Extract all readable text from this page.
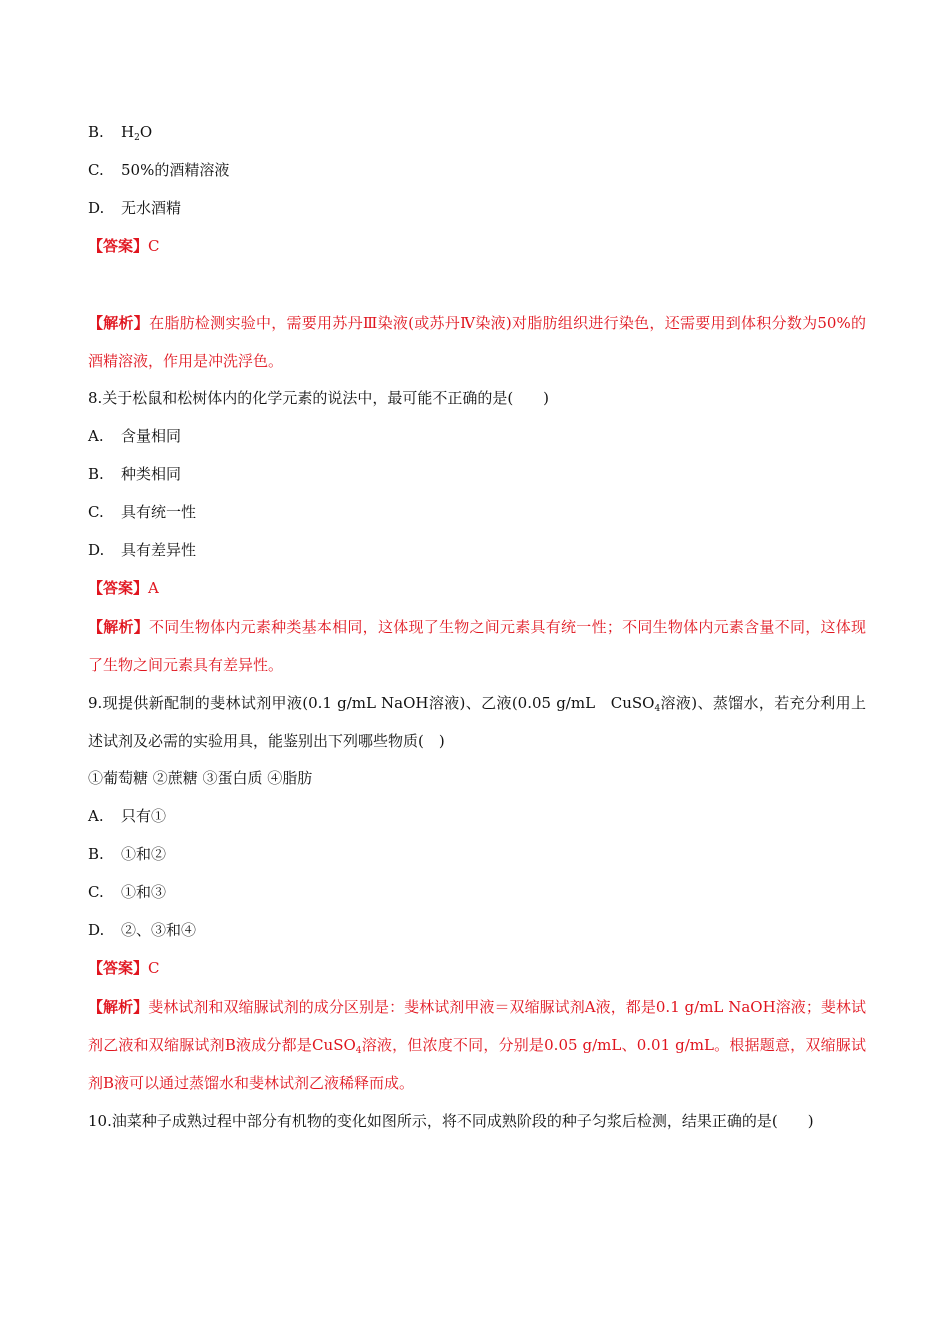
B. $H_2O$
C. 50%的酒精溶液
D. 无水酒精
【答案】C
【解析】在脂肪检测实验中，需要用苏丹Ⅲ染液(或苏丹Ⅳ染液)对脂肪组织进行染色，还需要用到体积分数为50%的酒精溶液，作用是冲洗浮色。
8.关于松鼠和松树体内的化学元素的说法中，最可能不正确的是(　　)
A. 含量相同
B. 种类相同
C. 具有统一性
D. 具有差异性
【答案】A
【解析】不同生物体内元素种类基本相同，这体现了生物之间元素具有统一性；不同生物体内元素含量不同，这体现了生物之间元素具有差异性。
9.现提供新配制的斐林试剂甲液(0.1 g/mL NaOH溶液)、乙液(0.05 g/mL　CuSO$_4$溶液)、蒸馏水，若充分利用上述试剂及必需的实验用具，能鉴别出下列哪些物质(　)
①葡萄糖 ②蔗糖 ③蛋白质 ④脂肪
A. 只有①
B. ①和②
C. ①和③
D. ②、③和④
【答案】C
【解析】斐林试剂和双缩脲试剂的成分区别是：斐林试剂甲液＝双缩脲试剂A液，都是0.1 g/mL NaOH溶液；斐林试剂乙液和双缩脲试剂B液成分都是CuSO$_4$溶液，但浓度不同，分别是0.05 g/mL、0.01 g/mL。根据题意，双缩脲试剂B液可以通过蒸馏水和斐林试剂乙液稀释而成。
10.油菜种子成熟过程中部分有机物的变化如图所示，将不同成熟阶段的种子匀浆后检测，结果正确的是(　　)
